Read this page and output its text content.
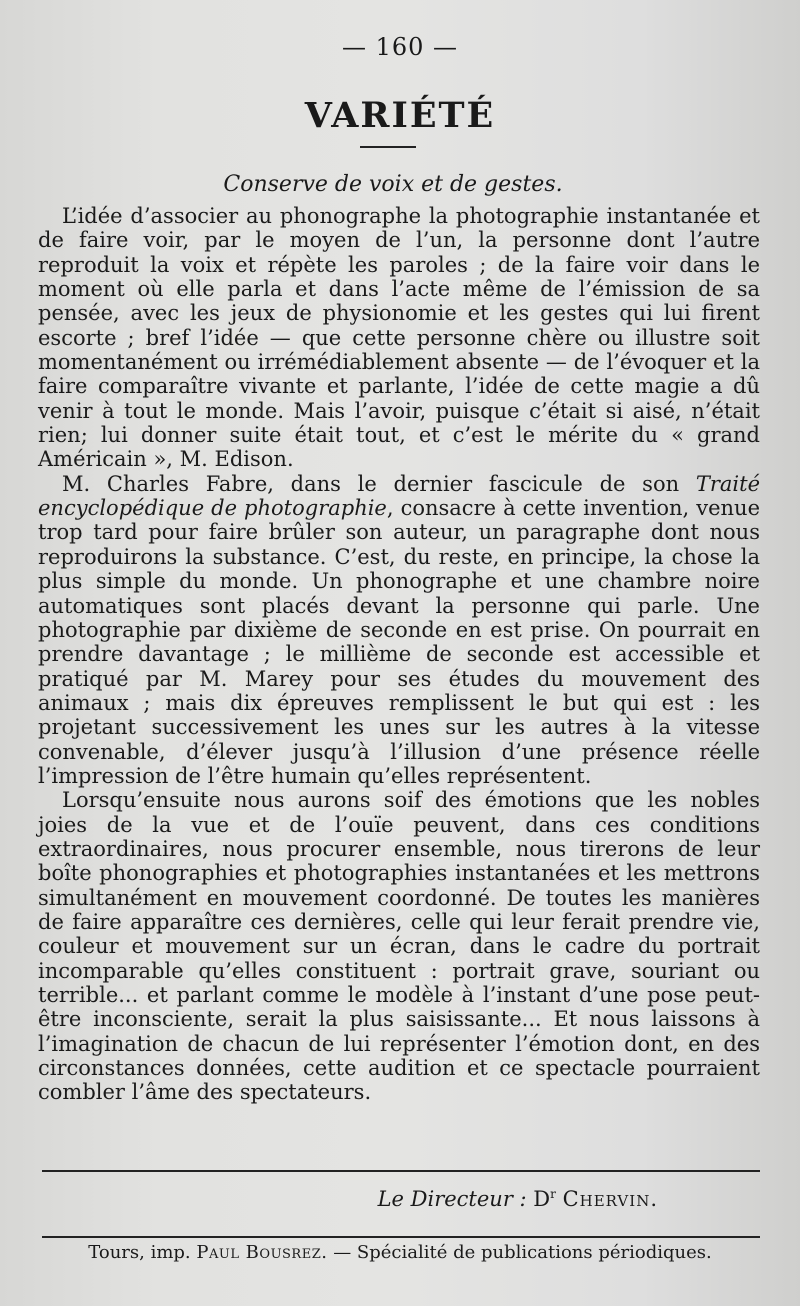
— 160 —
VARIÉTÉ
Conserve de voix et de gestes.

L’idée d’associer au phonographe la photographie instantanée et de faire voir, par le moyen de l’un, la personne dont l’autre reproduit la voix et répète les paroles ; de la faire voir dans le moment où elle parla et dans l’acte même de l’émission de sa pensée, avec les jeux de physionomie et les gestes qui lui firent escorte ; bref l’idée — que cette personne chère ou illustre soit momentanément ou irrémédiablement absente — de l’évoquer et la faire comparaître vivante et parlante, l’idée de cette magie a dû venir à tout le monde. Mais l’avoir, puisque c’était si aisé, n’était rien; lui donner suite était tout, et c’est le mérite du « grand Américain », M. Edison.

M. Charles Fabre, dans le dernier fascicule de son Traité encyclopédique de photographie, consacre à cette invention, venue trop tard pour faire brûler son auteur, un paragraphe dont nous reproduirons la substance. C’est, du reste, en principe, la chose la plus simple du monde. Un phonographe et une chambre noire automatiques sont placés devant la personne qui parle. Une photographie par dixième de seconde en est prise. On pourrait en prendre davantage ; le millième de seconde est accessible et pratiqué par M. Marey pour ses études du mouvement des animaux ; mais dix épreuves remplissent le but qui est : les projetant successivement les unes sur les autres à la vitesse convenable, d’élever jusqu’à l’illusion d’une présence réelle l’impression de l’être humain qu’elles représentent.

Lorsqu’ensuite nous aurons soif des émotions que les nobles joies de la vue et de l’ouïe peuvent, dans ces conditions extraordinaires, nous procurer ensemble, nous tirerons de leur boîte phonographies et photographies instantanées et les mettrons simultanément en mouvement coordonné. De toutes les manières de faire apparaître ces dernières, celle qui leur ferait prendre vie, couleur et mouvement sur un écran, dans le cadre du portrait incomparable qu’elles constituent : portrait grave, souriant ou terrible... et parlant comme le modèle à l’instant d’une pose peut-être inconsciente, serait la plus saisissante... Et nous laissons à l’imagination de chacun de lui représenter l’émotion dont, en des circonstances données, cette audition et ce spectacle pourraient combler l’âme des spectateurs.

Le Directeur : $D^r$ Chervin.
Tours, imp. Paul Bousrez. — Spécialité de publications périodiques.
